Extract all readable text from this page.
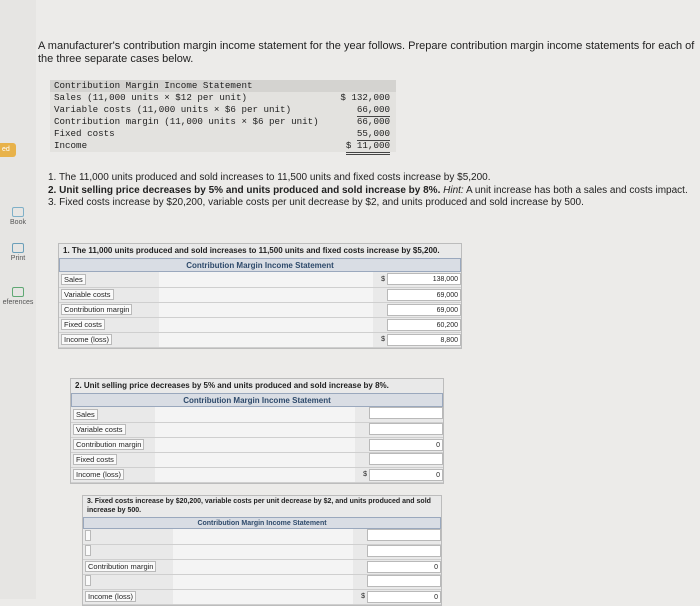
ed
Book
Print
eferences
A manufacturer's contribution margin income statement for the year follows. Prepare contribution margin income statements for each of the three separate cases below.
Contribution Margin Income Statement
Sales (11,000 units × $12 per unit)	$ 132,000
Variable costs (11,000 units × $6 per unit)	66,000
Contribution margin (11,000 units × $6 per unit)	66,000
Fixed costs	55,000
Income	$ 11,000

1. The 11,000 units produced and sold increases to 11,500 units and fixed costs increase by $5,200.

2. Unit selling price decreases by 5% and units produced and sold increase by 8%. Hint: A unit increase has both a sales and costs impact.

3. Fixed costs increase by $20,200, variable costs per unit decrease by $2, and units produced and sold increase by 500.

1. The 11,000 units produced and sold increases to 11,500 units and fixed costs increase by $5,200.
Contribution Margin Income Statement
Sales		$	138,000
Variable costs			69,000
Contribution margin			69,000
Fixed costs			60,200
Income (loss)		$	8,800
2. Unit selling price decreases by 5% and units produced and sold increase by 8%.
Contribution Margin Income Statement
Sales			
Variable costs			
Contribution margin			0
Fixed costs			
Income (loss)		$	0
3. Fixed costs increase by $20,200, variable costs per unit decrease by $2, and units produced and sold increase by 500.
Contribution Margin Income Statement

Contribution margin			0

Income (loss)		$	0
